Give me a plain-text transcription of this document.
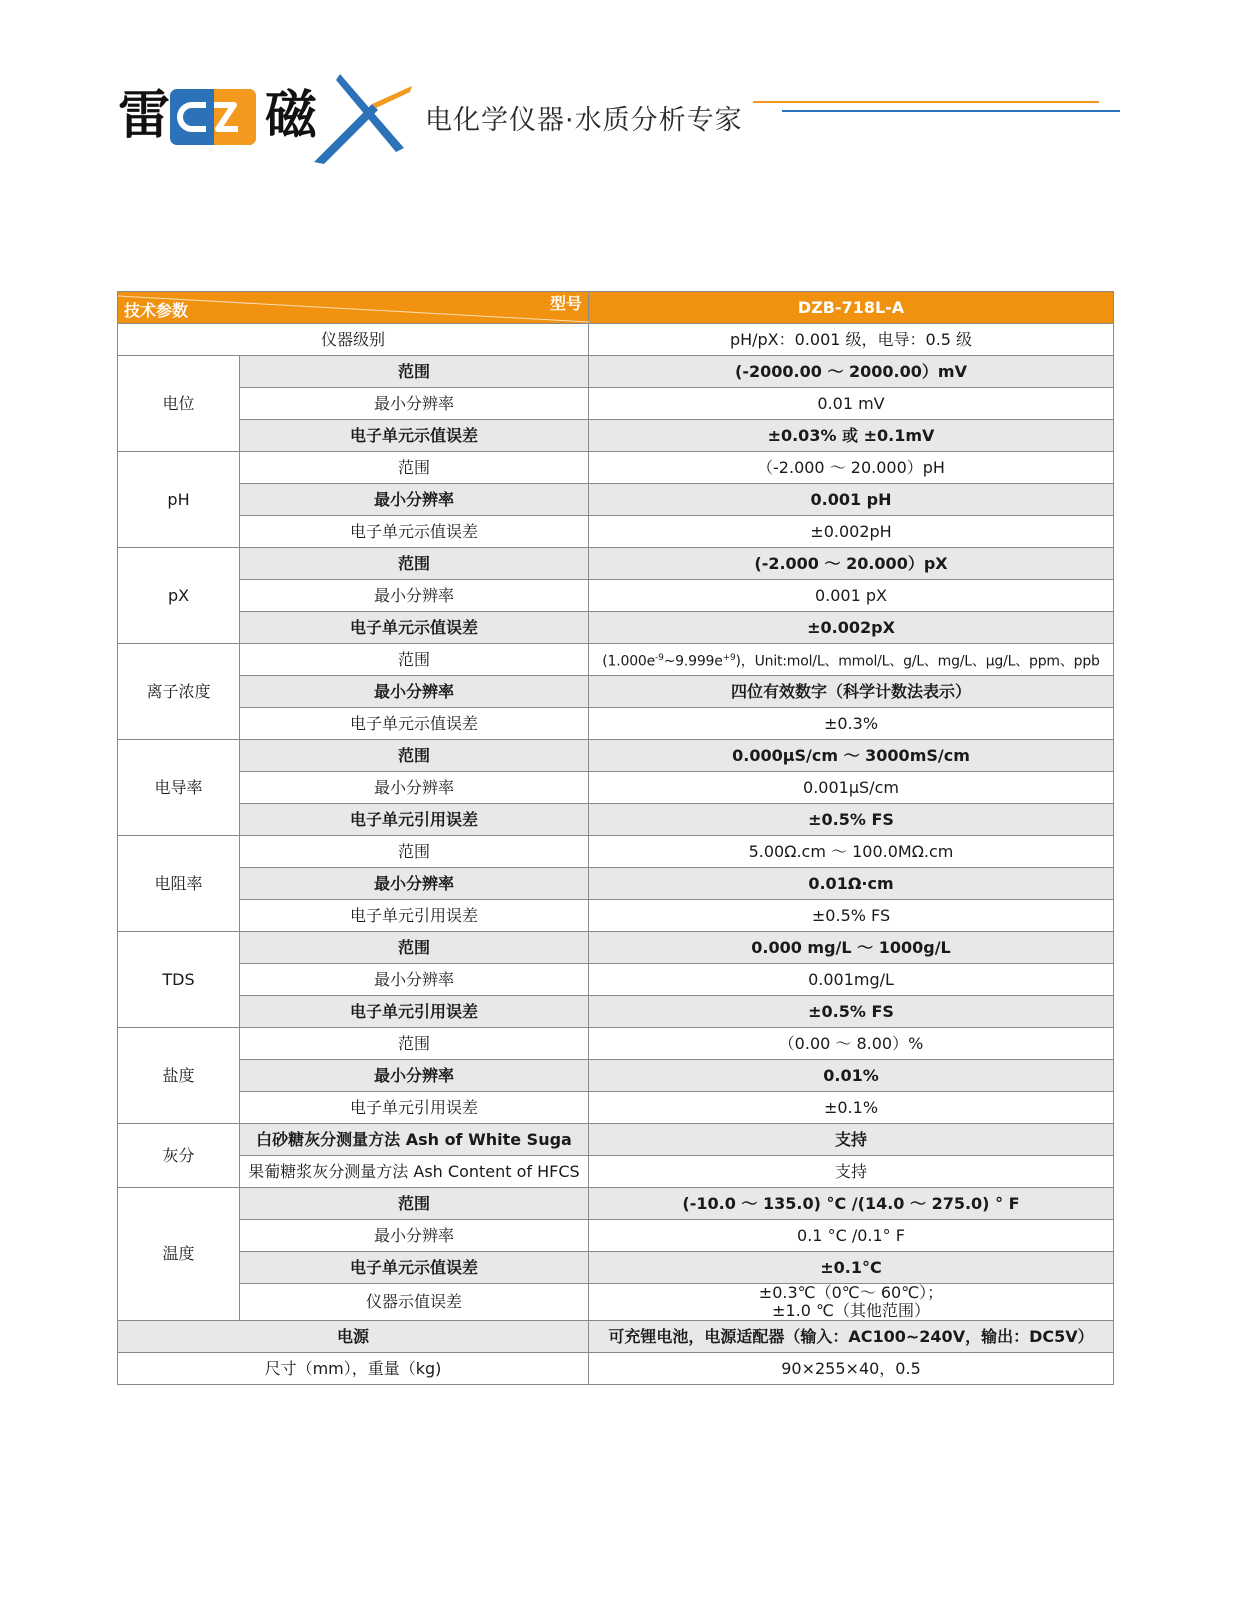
雷 磁	电化学仪器·水质分析专家
技术参数 型号		DZB-718L-A
仪器级别		pH/pX：0.001 级，电导：0.5 级
电位	范围	(-2000.00 ～ 2000.00）mV
	最小分辨率	0.01 mV
	电子单元示值误差	±0.03% 或 ±0.1mV
pH	范围	（-2.000 ～ 20.000）pH
	最小分辨率	0.001 pH
	电子单元示值误差	±0.002pH
pX	范围	(-2.000 ～ 20.000）pX
	最小分辨率	0.001 pX
	电子单元示值误差	±0.002pX
离子浓度	范围	$(1.000e^{-9}\sim 9.999e^{+9})$，Unit:mol/L、mmol/L、g/L、mg/L、μg/L、ppm、ppb
	最小分辨率	四位有效数字（科学计数法表示）
	电子单元示值误差	±0.3%
电导率	范围	0.000μS/cm ～ 3000mS/cm
	最小分辨率	0.001μS/cm
	电子单元引用误差	±0.5% FS
电阻率	范围	5.00Ω.cm ～ 100.0MΩ.cm
	最小分辨率	0.01Ω·cm
	电子单元引用误差	±0.5% FS
TDS	范围	0.000 mg/L ～ 1000g/L
	最小分辨率	0.001mg/L
	电子单元引用误差	±0.5% FS
盐度	范围	（0.00 ～ 8.00）%
	最小分辨率	0.01%
	电子单元引用误差	±0.1%
灰分	白砂糖灰分测量方法 Ash of White Suga	支持
	果葡糖浆灰分测量方法 Ash Content of HFCS	支持
温度	范围	(-10.0 ～ 135.0) °C /(14.0 ～ 275.0) ° F
	最小分辨率	0.1 °C /0.1° F
	电子单元示值误差	±0.1°C
	仪器示值误差	±0.3℃（0℃～ 60℃）；
±1.0 ℃（其他范围）

电源		可充锂电池，电源适配器（输入：AC100~240V，输出：DC5V）
尺寸（mm），重量（kg)		90×255×40，0.5
